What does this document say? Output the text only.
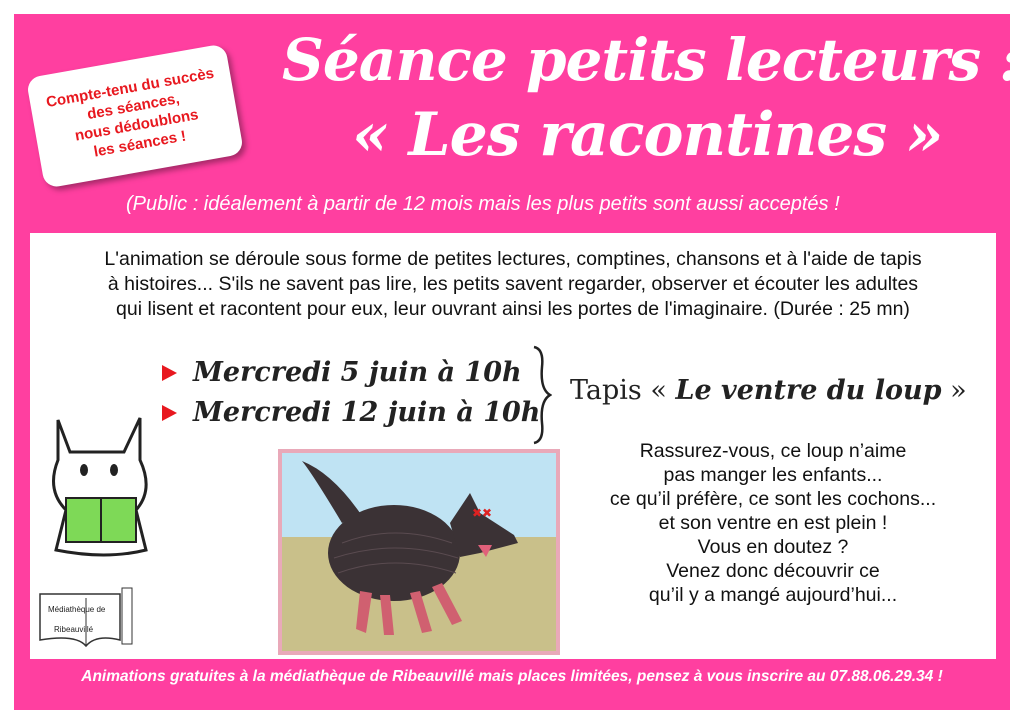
Séance petits lecteurs :
« Les racontines »
(Public : idéalement à partir de 12 mois mais les plus petits sont aussi acceptés !
Compte-tenu du succès
des séances,
nous dédoublons
les séances !
L'animation se déroule sous forme de petites lectures, comptines, chansons et à l'aide de tapis
à histoires... S'ils ne savent pas lire, les petits savent regarder, observer et écouter les adultes
qui lisent et racontent pour eux, leur ouvrant ainsi les portes de l'imaginaire. (Durée : 25 mn)
Mercredi 5 juin à 10h
Mercredi 12 juin à 10h
Tapis « Le ventre du loup »
Rassurez-vous, ce loup n’aime
pas manger les enfants...
ce qu’il préfère, ce sont les cochons...
et son ventre en est plein !
Vous en doutez ?
Venez donc découvrir ce
qu’il y a mangé aujourd’hui...
✖✖
Médiathèque de
Ribeauvillé
Animations gratuites à la médiathèque de Ribeauvillé mais places limitées, pensez à vous inscrire au 07.88.06.29.34 !
